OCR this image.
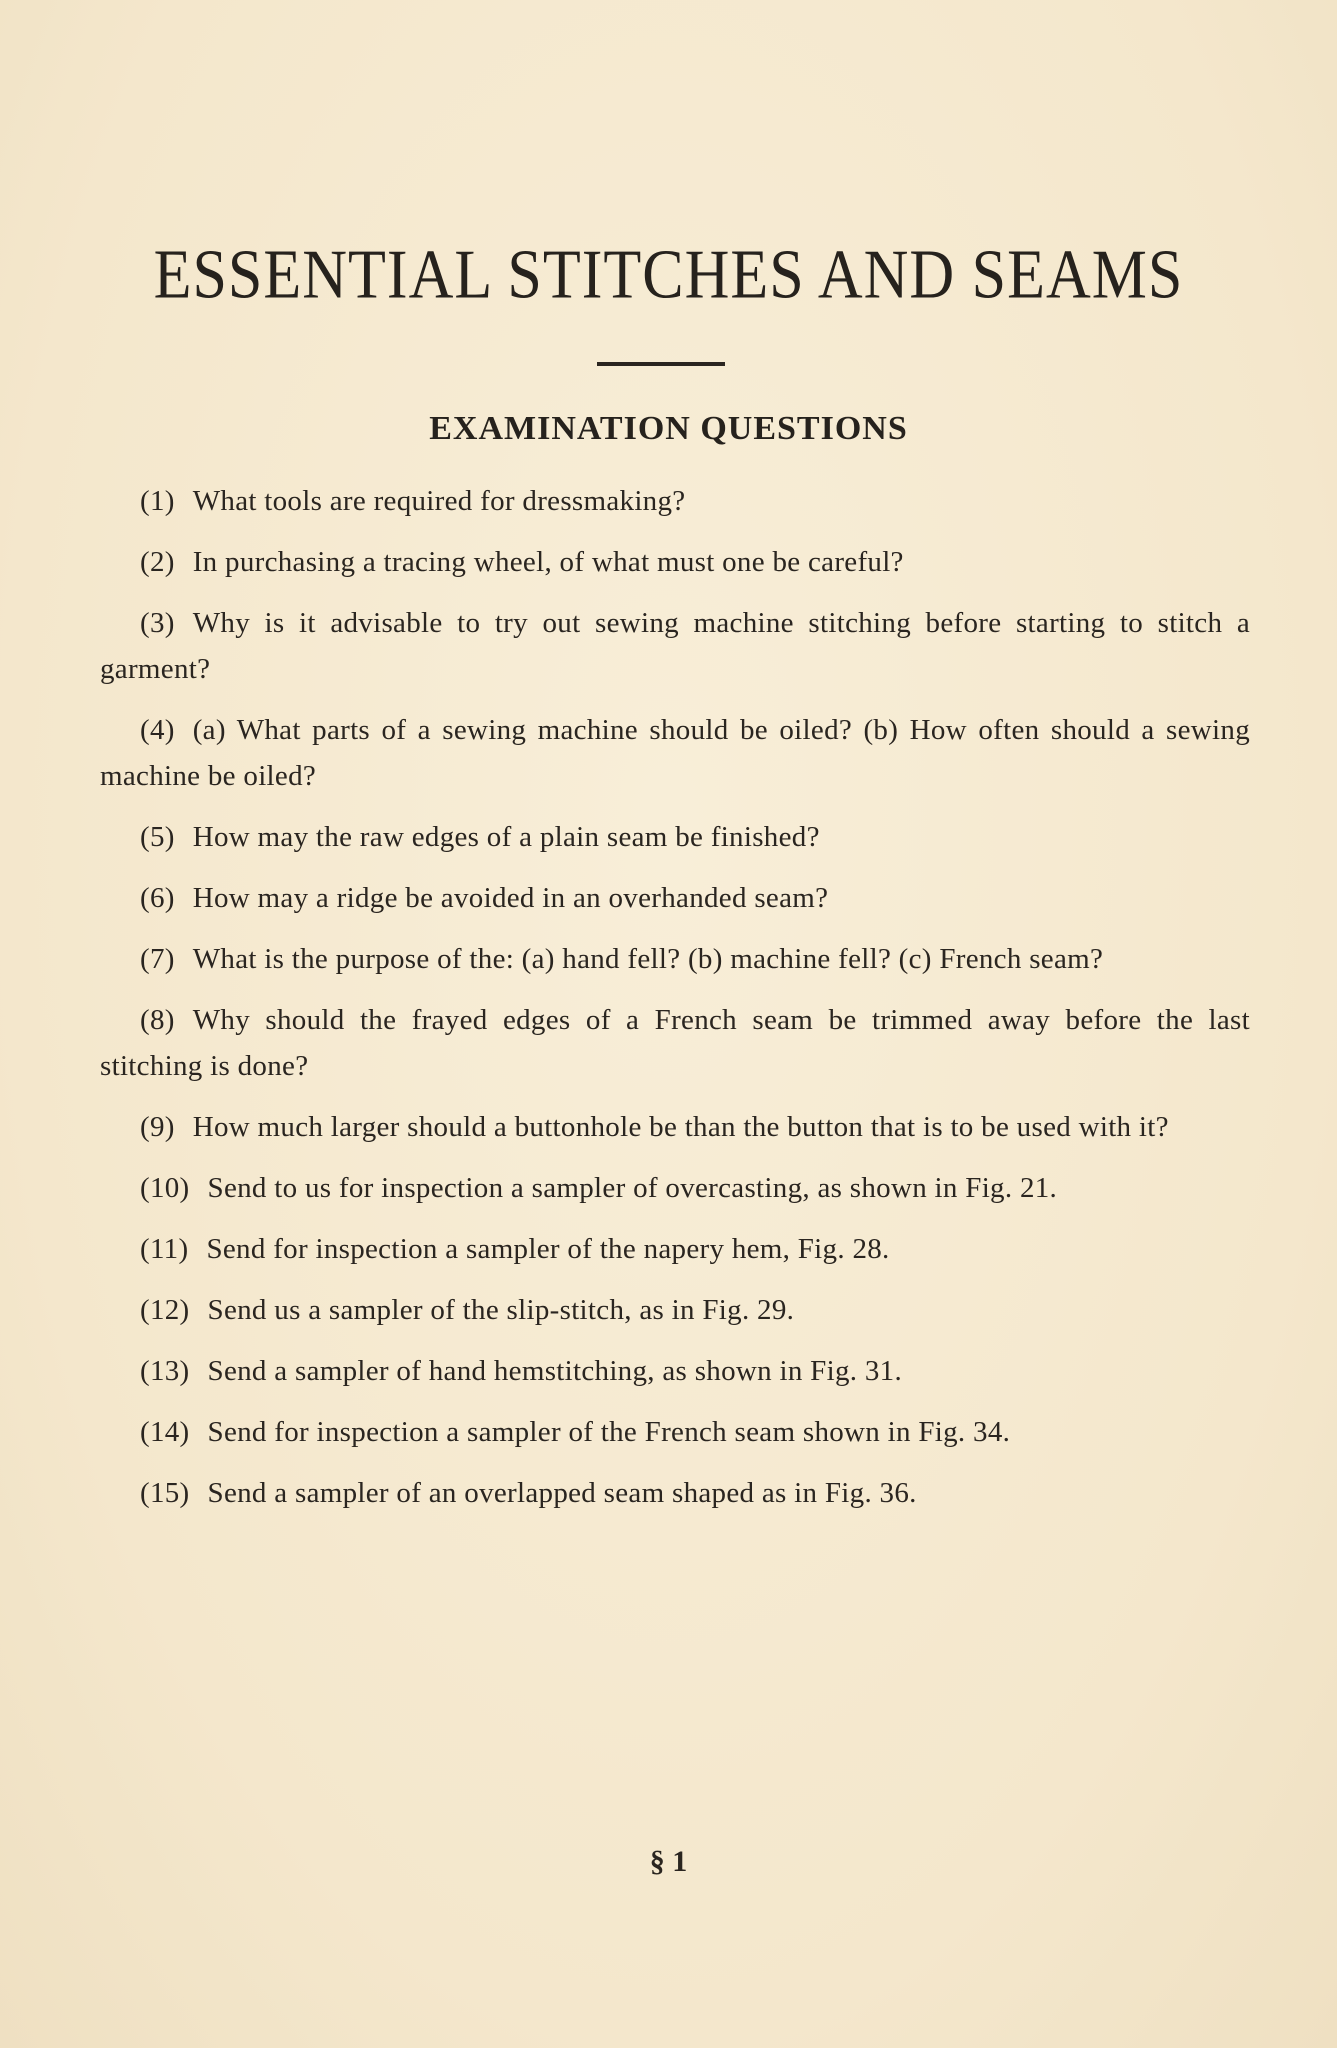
ESSENTIAL STITCHES AND SEAMS
EXAMINATION QUESTIONS

(1) What tools are required for dressmaking?

(2) In purchasing a tracing wheel, of what must one be careful?

(3) Why is it advisable to try out sewing machine stitching before starting to stitch a garment?

(4) (a) What parts of a sewing machine should be oiled? (b) How often should a sewing machine be oiled?

(5) How may the raw edges of a plain seam be finished?

(6) How may a ridge be avoided in an overhanded seam?

(7) What is the purpose of the: (a) hand fell? (b) machine fell? (c) French seam?

(8) Why should the frayed edges of a French seam be trimmed away before the last stitching is done?

(9) How much larger should a buttonhole be than the button that is to be used with it?

(10) Send to us for inspection a sampler of overcasting, as shown in Fig. 21.

(11) Send for inspection a sampler of the napery hem, Fig. 28.

(12) Send us a sampler of the slip-stitch, as in Fig. 29.

(13) Send a sampler of hand hemstitching, as shown in Fig. 31.

(14) Send for inspection a sampler of the French seam shown in Fig. 34.

(15) Send a sampler of an overlapped seam shaped as in Fig. 36.

§ 1
